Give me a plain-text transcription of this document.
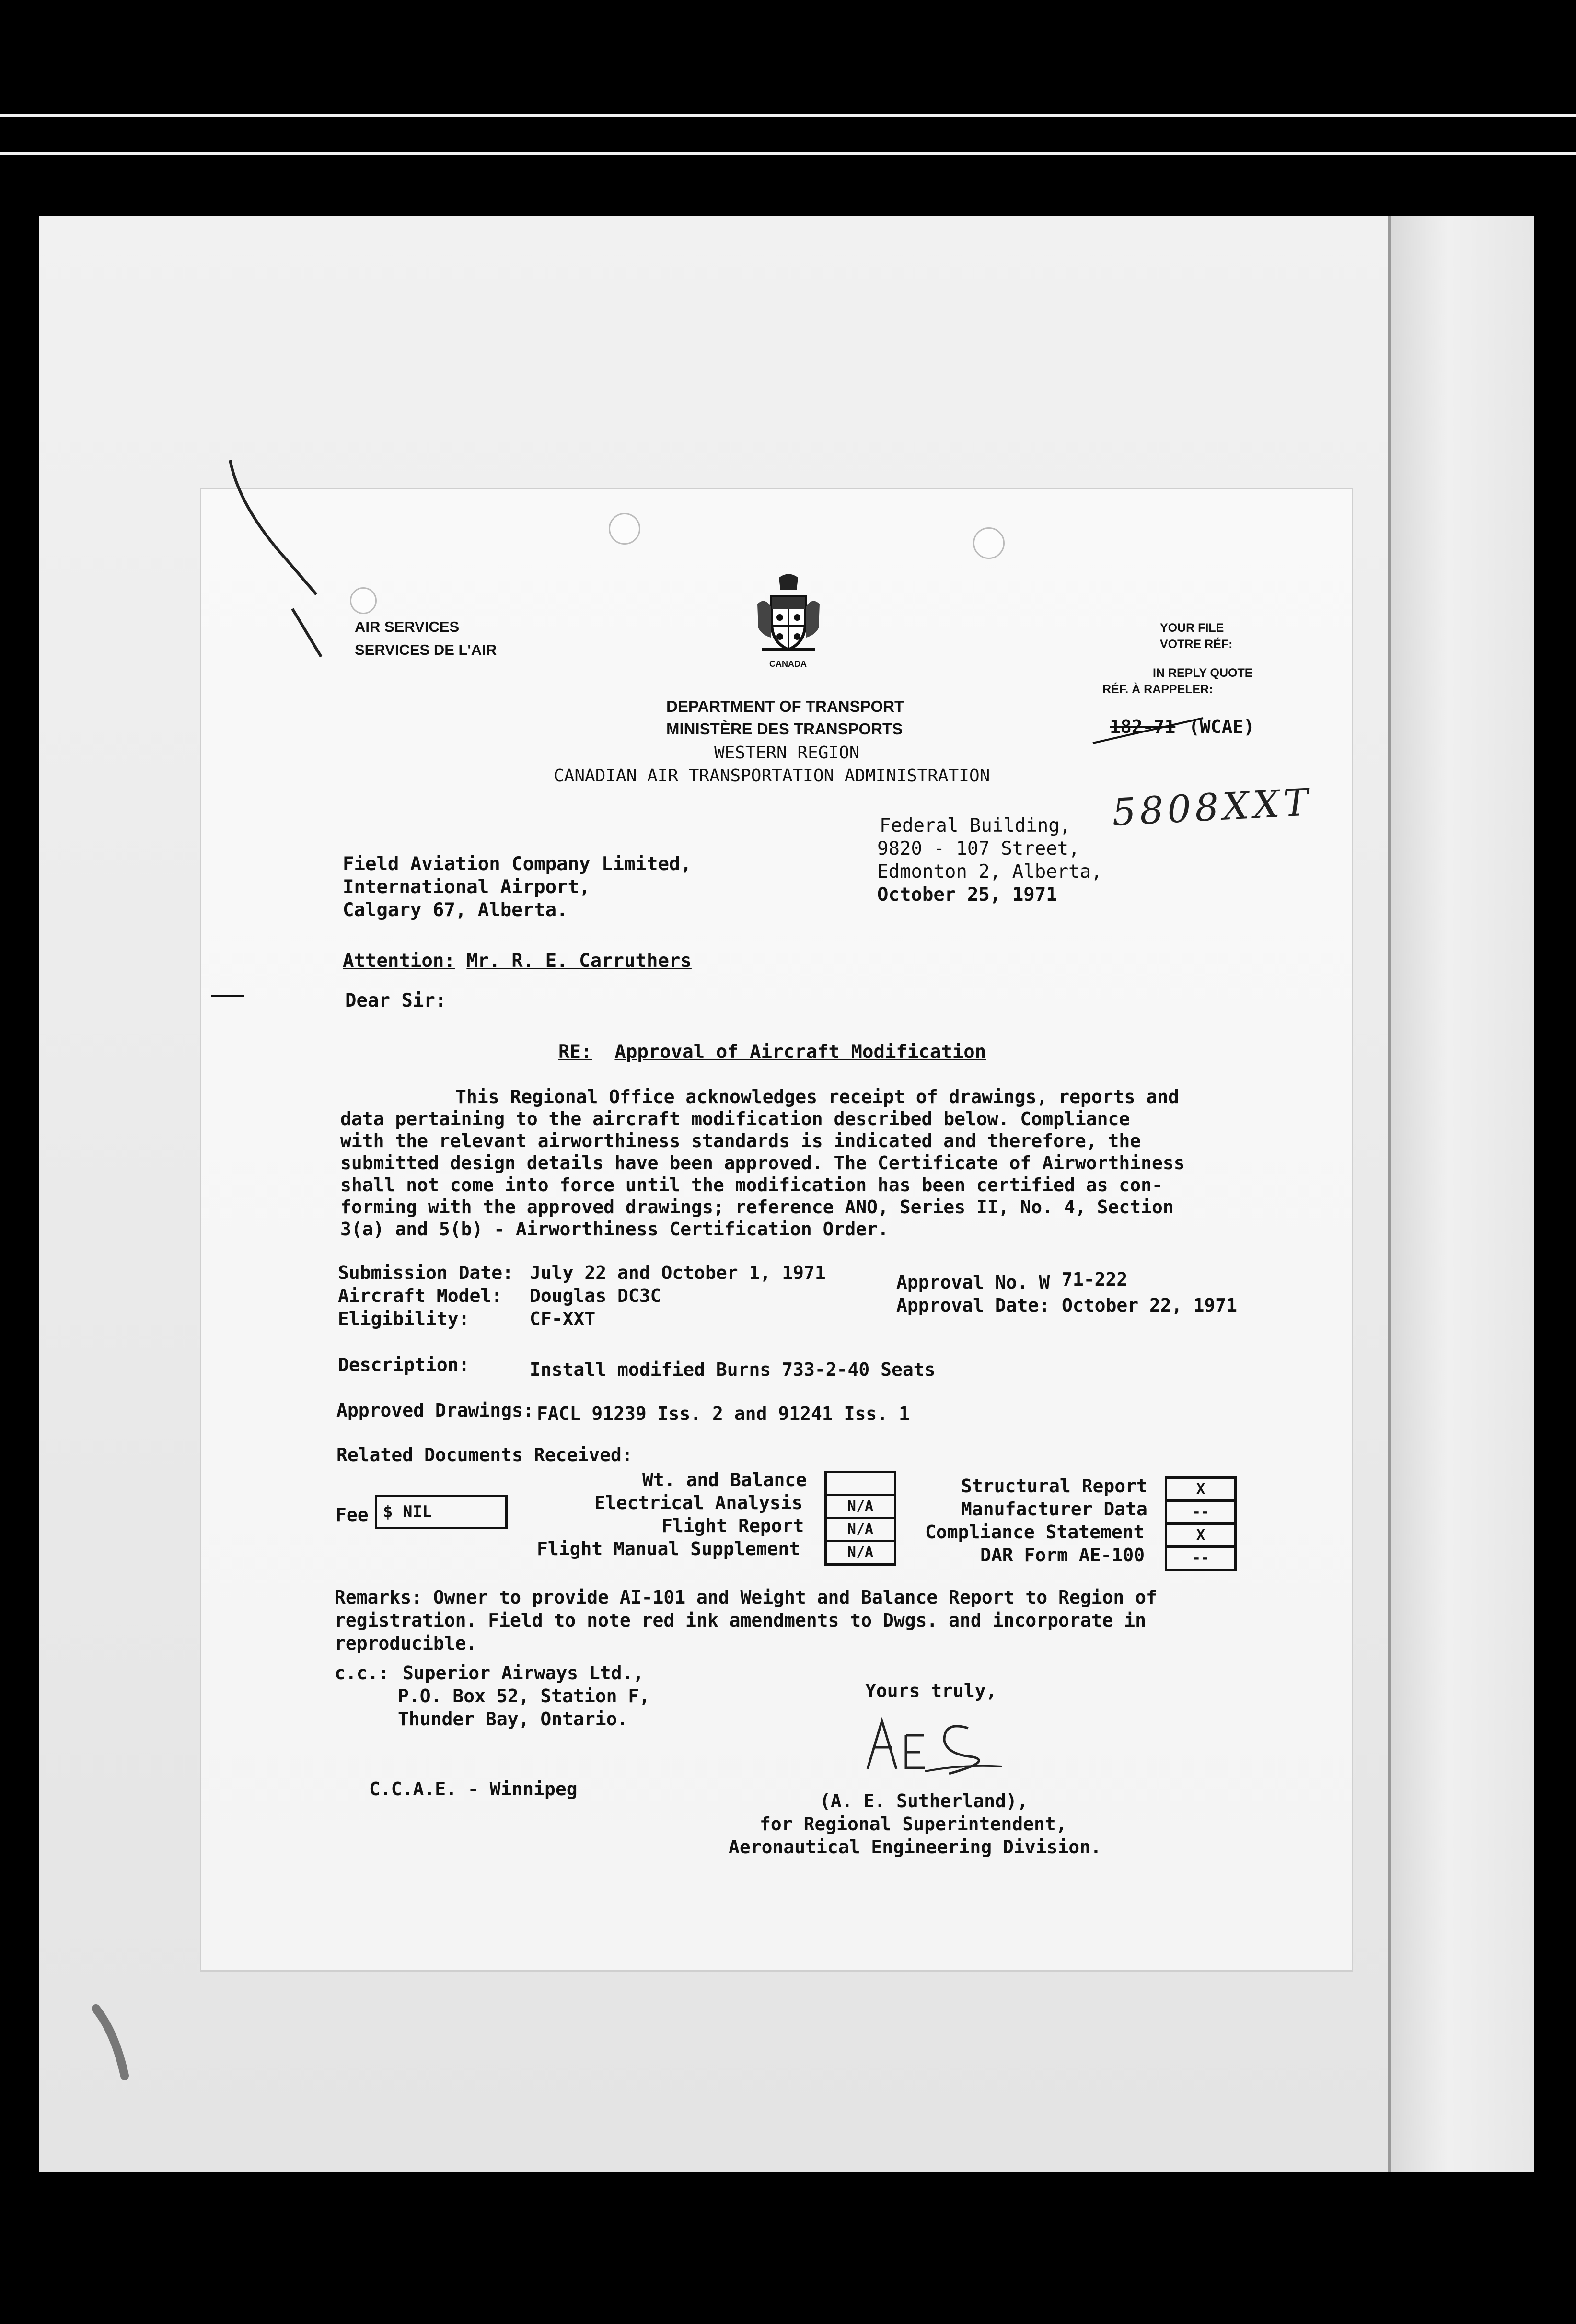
AIR SERVICES
SERVICES DE L'AIR
CANADA
DEPARTMENT OF TRANSPORT
MINISTÈRE DES TRANSPORTS
WESTERN REGION
CANADIAN AIR TRANSPORTATION ADMINISTRATION
YOUR FILE
VOTRE RÉF:
IN REPLY QUOTE
RÉF. À RAPPELER:
182-71 (WCAE)
5808XXT
Federal Building,
9820 - 107 Street,
Edmonton 2, Alberta,
October 25, 1971
Field Aviation Company Limited,
International Airport,
Calgary 67, Alberta.
Attention: Mr. R. E. Carruthers
Dear Sir:
RE: Approval of Aircraft Modification

This Regional Office acknowledges receipt of drawings, reports and

data pertaining to the aircraft modification described below. Compliance

with the relevant airworthiness standards is indicated and therefore, the

submitted design details have been approved. The Certificate of Airworthiness

shall not come into force until the modification has been certified as con-

forming with the approved drawings; reference ANO, Series II, No. 4, Section

3(a) and 5(b) - Airworthiness Certification Order.

Submission Date: July 22 and October 1, 1971
Aircraft Model: Douglas DC3C
Eligibility:	CF-XXT
Approval No. W 71-222
Approval Date: October 22, 1971
Description:	Install modified Burns 733-2-40 Seats
Approved Drawings: FACL 91239 Iss. 2 and 91241 Iss. 1
Related Documents Received:
Fee $ NIL
Wt. and Balance
Electrical Analysis
Flight Report
Flight Manual Supplement
N/A
N/A
N/A
Structural Report
Manufacturer Data
Compliance Statement
DAR Form AE-100
X
--
X
--
Remarks: Owner to provide AI-101 and Weight and Balance Report to Region of
registration. Field to note red ink amendments to Dwgs. and incorporate in
reproducible.
c.c.: Superior Airways Ltd.,
P.O. Box 52, Station F,
Thunder Bay, Ontario.
C.C.A.E. - Winnipeg
Yours truly,
(A. E. Sutherland),
for Regional Superintendent,
Aeronautical Engineering Division.
